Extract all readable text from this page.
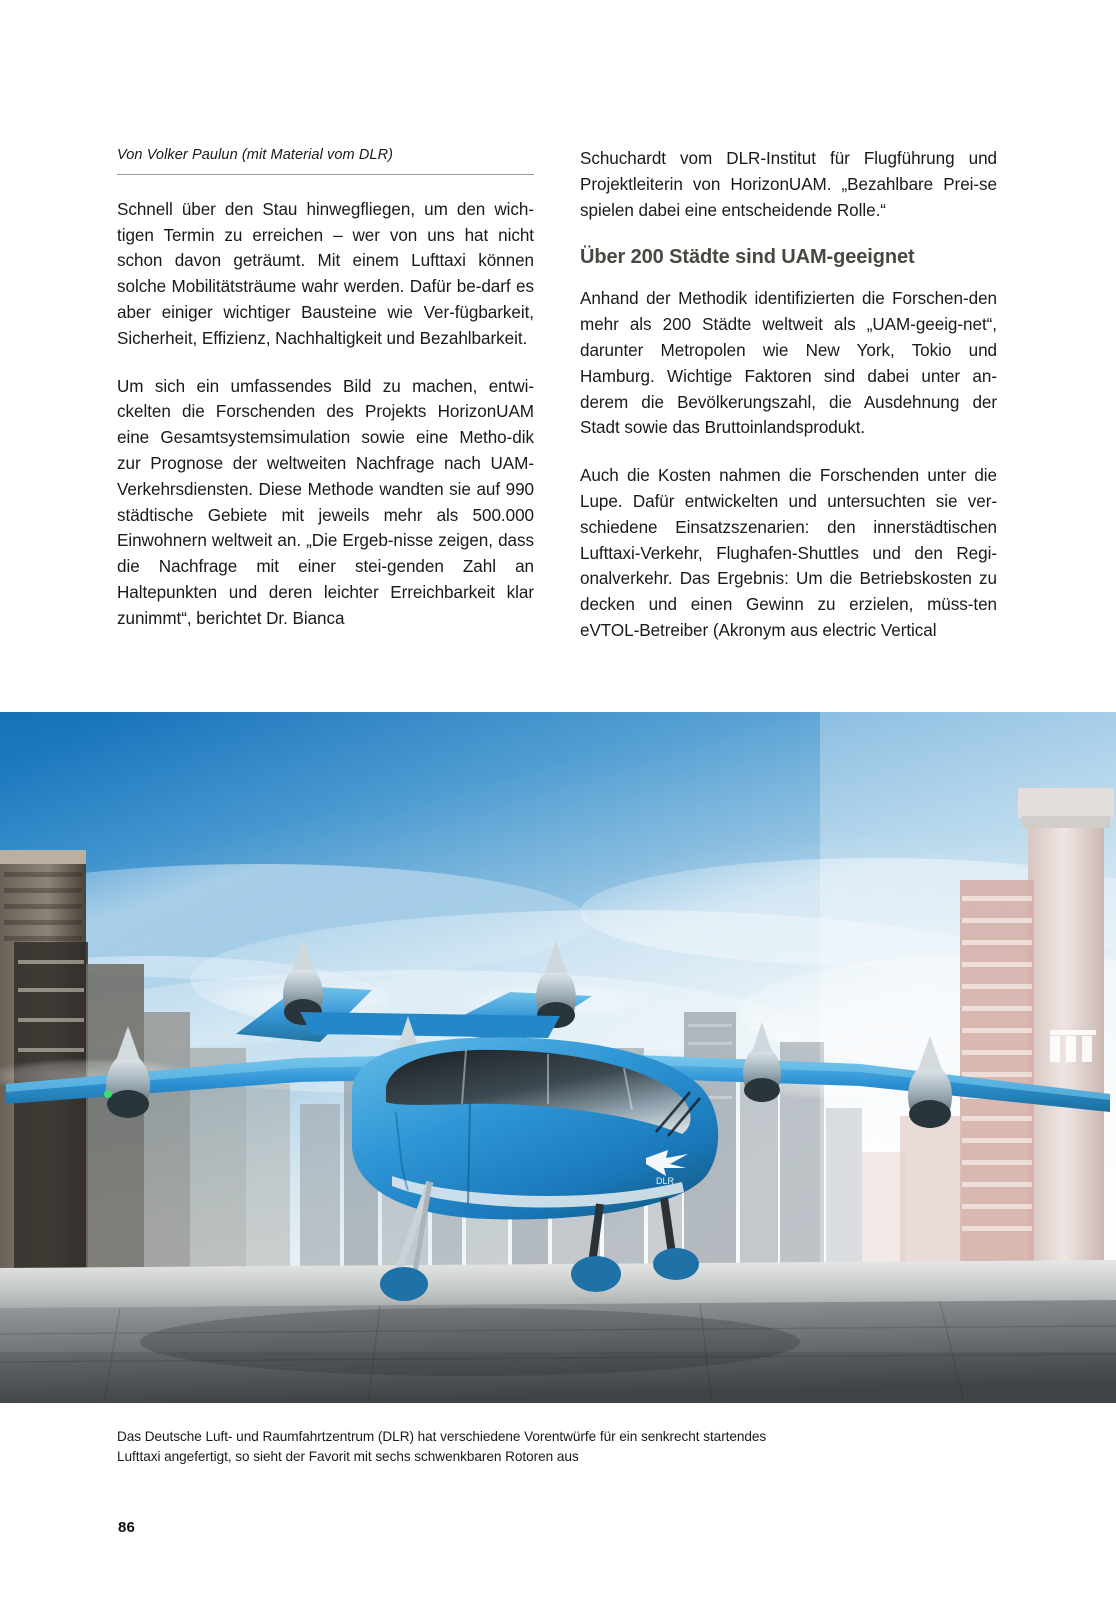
Von Volker Paulun (mit Material vom DLR)

Schnell über den Stau hinwegfliegen, um den wich-tigen Termin zu erreichen – wer von uns hat nicht schon davon geträumt. Mit einem Lufttaxi können solche Mobilitätsträume wahr werden. Dafür be-darf es aber einiger wichtiger Bausteine wie Ver-fügbarkeit, Sicherheit, Effizienz, Nachhaltigkeit und Bezahlbarkeit.

Um sich ein umfassendes Bild zu machen, entwi-ckelten die Forschenden des Projekts HorizonUAM eine Gesamtsystemsimulation sowie eine Metho-dik zur Prognose der weltweiten Nachfrage nach UAM-Verkehrsdiensten. Diese Methode wandten sie auf 990 städtische Gebiete mit jeweils mehr als 500.000 Einwohnern weltweit an. „Die Ergeb-nisse zeigen, dass die Nachfrage mit einer stei-genden Zahl an Haltepunkten und deren leichter Erreichbarkeit klar zunimmt“, berichtet Dr. Bianca

Schuchardt vom DLR-Institut für Flugführung und Projektleiterin von HorizonUAM. „Bezahlbare Prei-se spielen dabei eine entscheidende Rolle.“

Über 200 Städte sind UAM-geeignet

Anhand der Methodik identifizierten die Forschen-den mehr als 200 Städte weltweit als „UAM-geeig-net“, darunter Metropolen wie New York, Tokio und Hamburg. Wichtige Faktoren sind dabei unter an-derem die Bevölkerungszahl, die Ausdehnung der Stadt sowie das Bruttoinlandsprodukt.

Auch die Kosten nahmen die Forschenden unter die Lupe. Dafür entwickelten und untersuchten sie ver-schiedene Einsatzszenarien: den innerstädtischen Lufttaxi-Verkehr, Flughafen-Shuttles und den Regi-onalverkehr. Das Ergebnis: Um die Betriebskosten zu decken und einen Gewinn zu erzielen, müss-ten eVTOL-Betreiber (Akronym aus electric Vertical

DLR
Das Deutsche Luft- und Raumfahrtzentrum (DLR) hat verschiedene Vorentwürfe für ein senkrecht startendes
Lufttaxi angefertigt, so sieht der Favorit mit sechs schwenkbaren Rotoren aus
86
